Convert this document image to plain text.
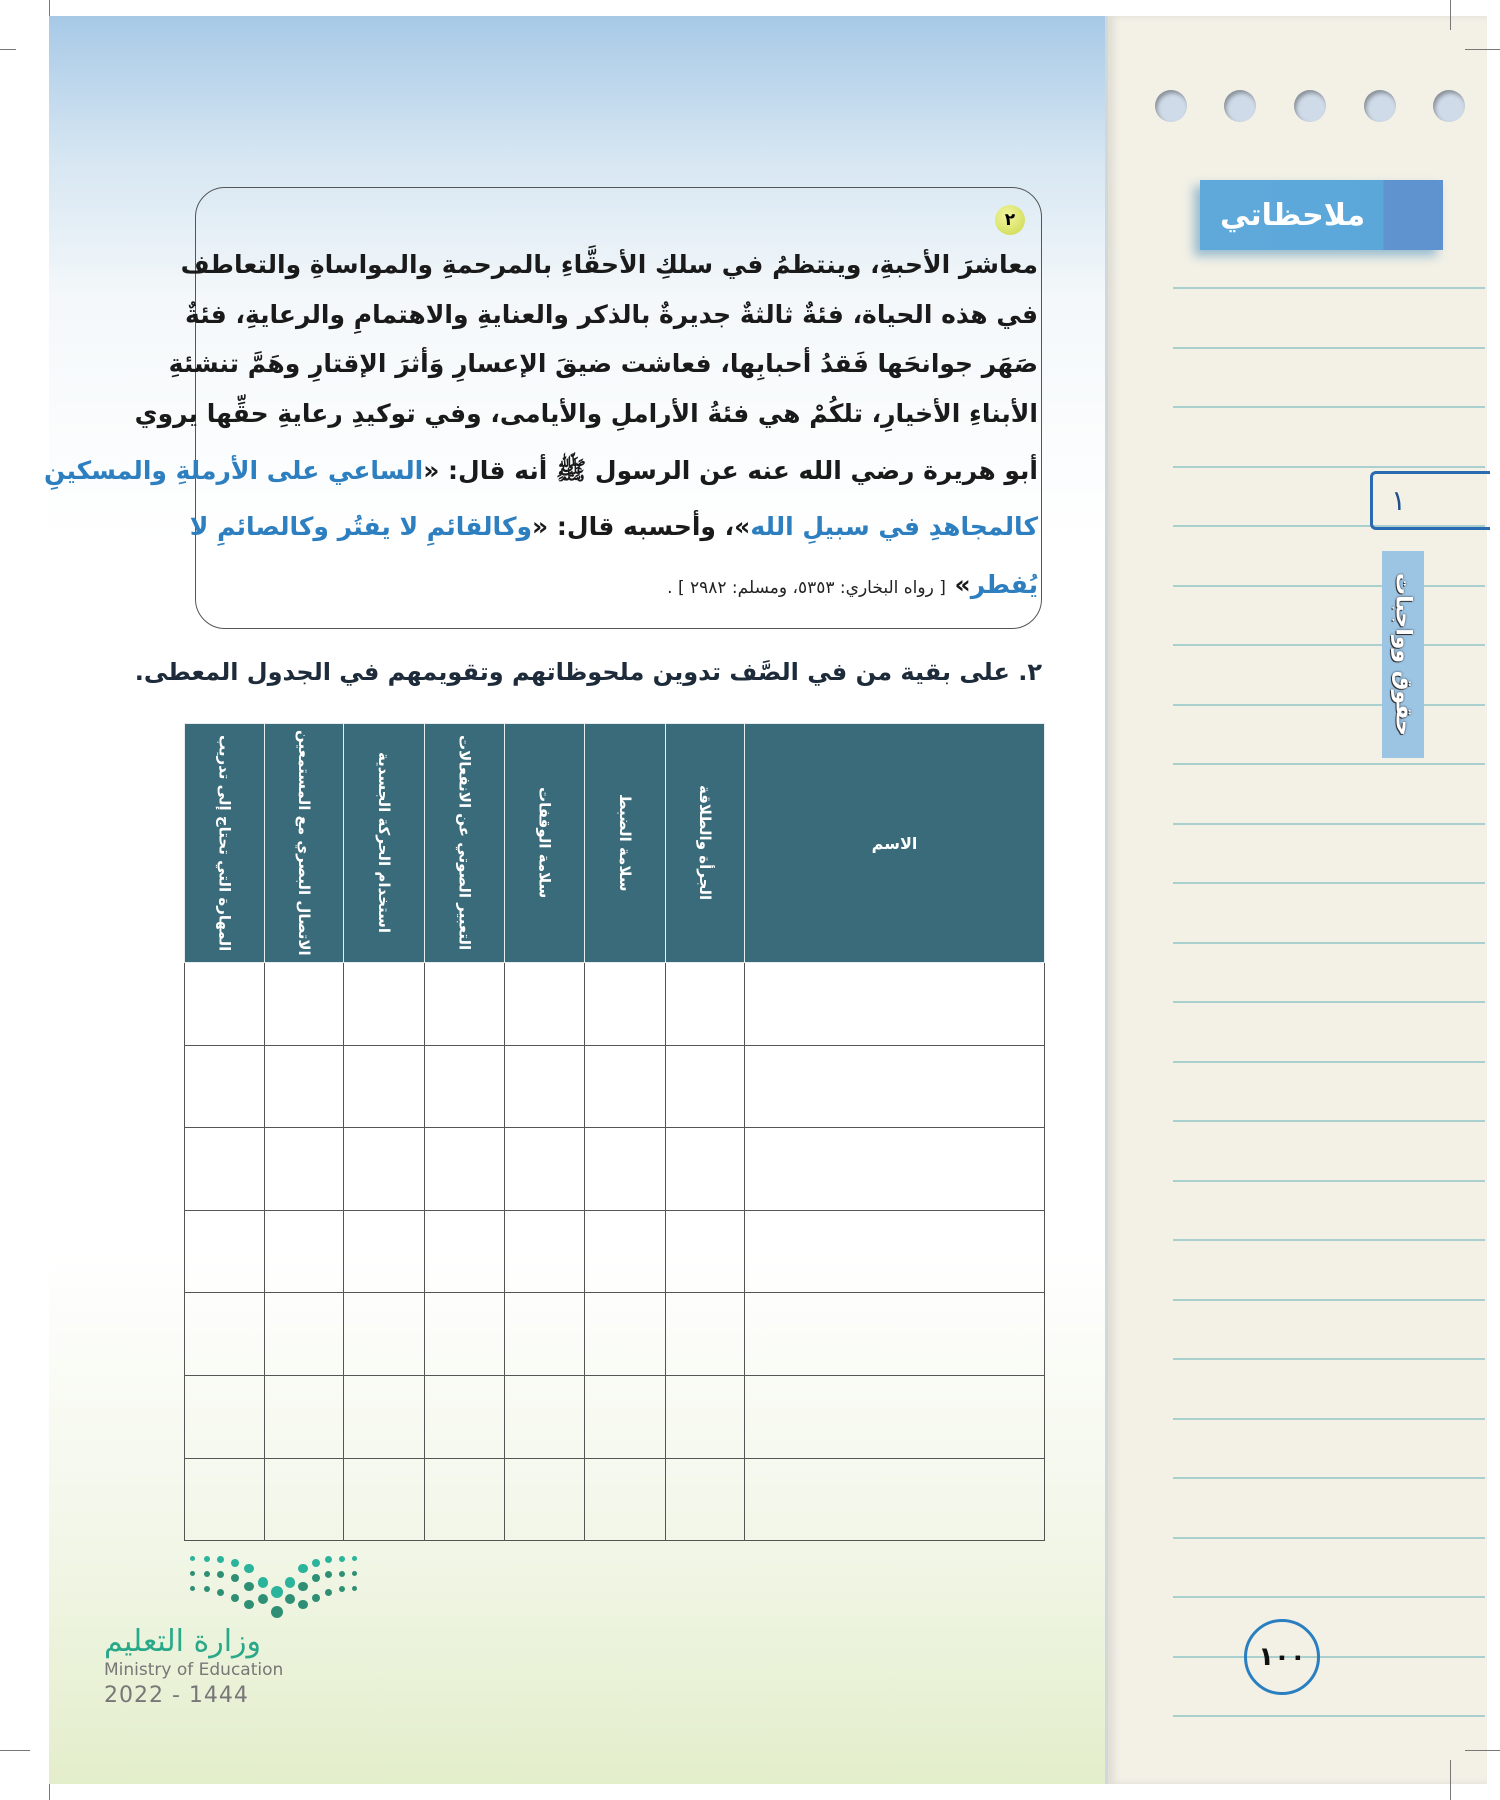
ملاحظاتي
١
حقوق وواجبات
١٠٠
٢
معاشرَ الأحبةِ، وينتظمُ في سلكِ الأحقَّاءِ بالمرحمةِ والمواساةِ والتعاطف
في هذه الحياة، فئةٌ ثالثةٌ جديرةٌ بالذكر والعنايةِ والاهتمامِ والرعايةِ، فئةٌ
صَهَر جوانحَها فَقدُ أحبابِها، فعاشت ضيقَ الإعسارِ وَأثرَ الإقتارِ وهَمَّ تنشئةِ
الأبناءِ الأخيارِ، تلكُمْ هي فئةُ الأراملِ والأيامى، وفي توكيدِ رعايةِ حقِّها يروي
أبو هريرة رضي الله عنه عن الرسول ﷺ أنه قال: «الساعي على الأرملةِ والمسكينِ
كالمجاهدِ في سبيلِ الله»، وأحسبه قال: «وكالقائمِ لا يفتُر وكالصائمِ لا
يُفطر» [ رواه البخاري: ٥٣٥٣، ومسلم: ٢٩٨٢ ] .
٢. على بقية من في الصَّف تدوين ملحوظاتهم وتقويمهم في الجدول المعطى.
المهارة التي تحتاج إلى تدريب	الاتصال البصري مع المستمعين	استخدام الحركة الجسدية	التعبير الصوتي عن الانفعالات	سلامة الوقفات	سلامة الضبط	الجرأة والطلاقة	الاسم

وزارة التعليم
Ministry of Education
2022 - 1444
